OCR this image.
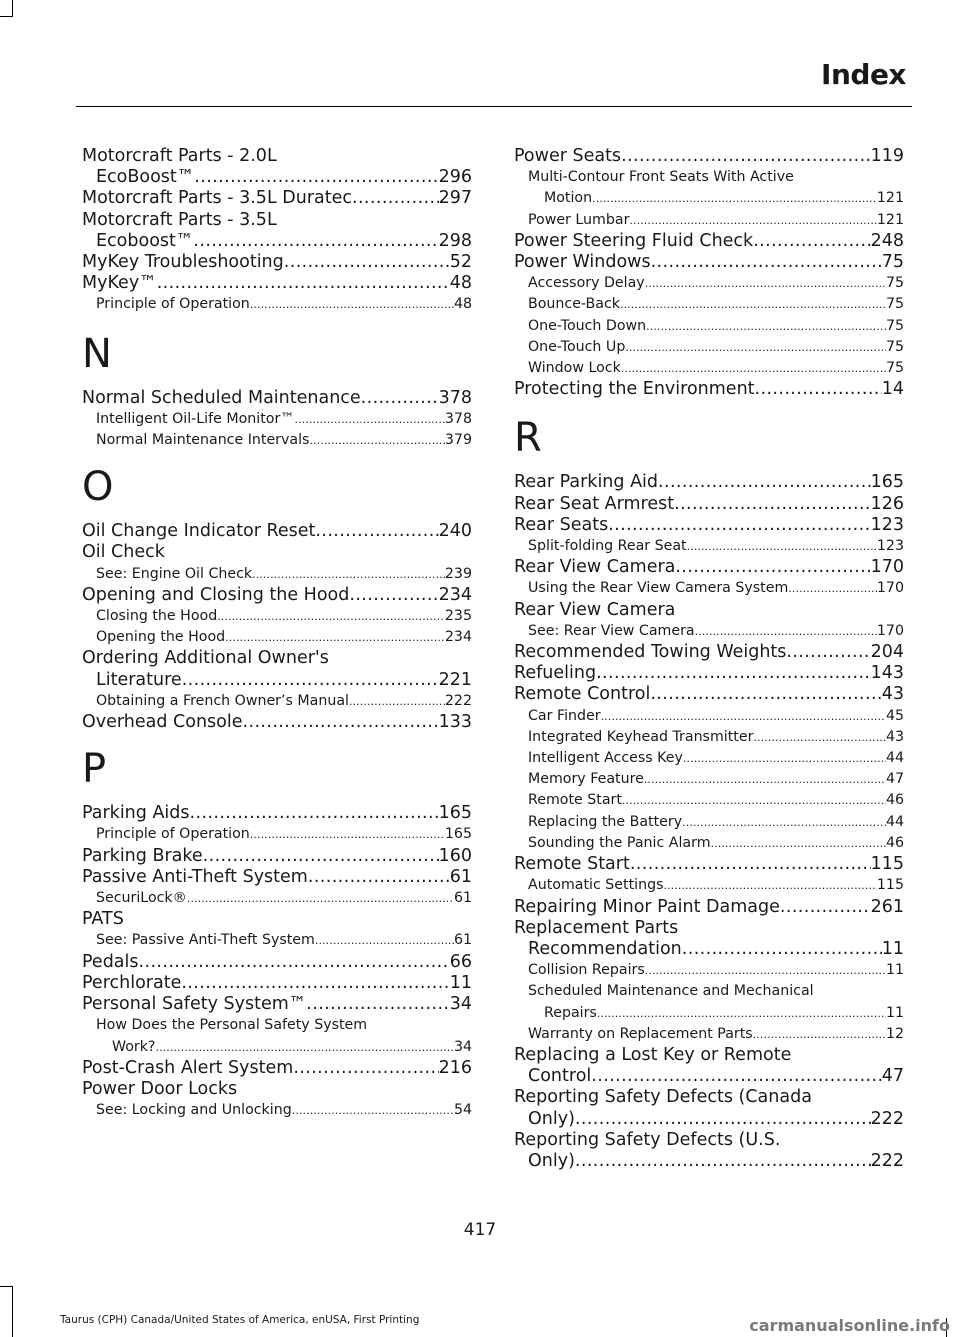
Index
Motorcraft Parts - 2.0L
EcoBoost™ .....	296
Motorcraft Parts - 3.5L Duratec .....	297
Motorcraft Parts - 3.5L
Ecoboost™ .....	298
MyKey Troubleshooting .....	52
MyKey™ .....	48
Principle of Operation .....	48
N
Normal Scheduled Maintenance .....	378
Intelligent Oil-Life Monitor™ .....	378
Normal Maintenance Intervals .....	379
O
Oil Change Indicator Reset .....	240
Oil Check
See: Engine Oil Check .....	239
Opening and Closing the Hood .....	234
Closing the Hood .....	235
Opening the Hood .....	234
Ordering Additional Owner's
Literature .....	221
Obtaining a French Owner’s Manual .....	222
Overhead Console .....	133
P
Parking Aids .....	165
Principle of Operation .....	165
Parking Brake .....	160
Passive Anti-Theft System .....	61
SecuriLock® .....	61
PATS
See: Passive Anti-Theft System .....	61
Pedals .....	66
Perchlorate .....	11
Personal Safety System™ .....	34
How Does the Personal Safety System
Work? .....	34
Post-Crash Alert System .....	216
Power Door Locks
See: Locking and Unlocking .....	54
Power Seats .....	119
Multi-Contour Front Seats With Active
Motion .....	121
Power Lumbar .....	121
Power Steering Fluid Check .....	248
Power Windows .....	75
Accessory Delay .....	75
Bounce-Back .....	75
One-Touch Down .....	75
One-Touch Up .....	75
Window Lock .....	75
Protecting the Environment .....	14
R
Rear Parking Aid .....	165
Rear Seat Armrest .....	126
Rear Seats .....	123
Split-folding Rear Seat .....	123
Rear View Camera .....	170
Using the Rear View Camera System .....	170
Rear View Camera
See: Rear View Camera .....	170
Recommended Towing Weights .....	204
Refueling .....	143
Remote Control .....	43
Car Finder .....	45
Integrated Keyhead Transmitter .....	43
Intelligent Access Key .....	44
Memory Feature .....	47
Remote Start .....	46
Replacing the Battery .....	44
Sounding the Panic Alarm .....	46
Remote Start .....	115
Automatic Settings .....	115
Repairing Minor Paint Damage .....	261
Replacement Parts
Recommendation .....	11
Collision Repairs .....	11
Scheduled Maintenance and Mechanical
Repairs .....	11
Warranty on Replacement Parts .....	12
Replacing a Lost Key or Remote
Control .....	47
Reporting Safety Defects (Canada
Only) .....	222
Reporting Safety Defects (U.S.
Only) .....	222
417
Taurus (CPH) Canada/United States of America, enUSA, First Printing	carmanualsonline.info
